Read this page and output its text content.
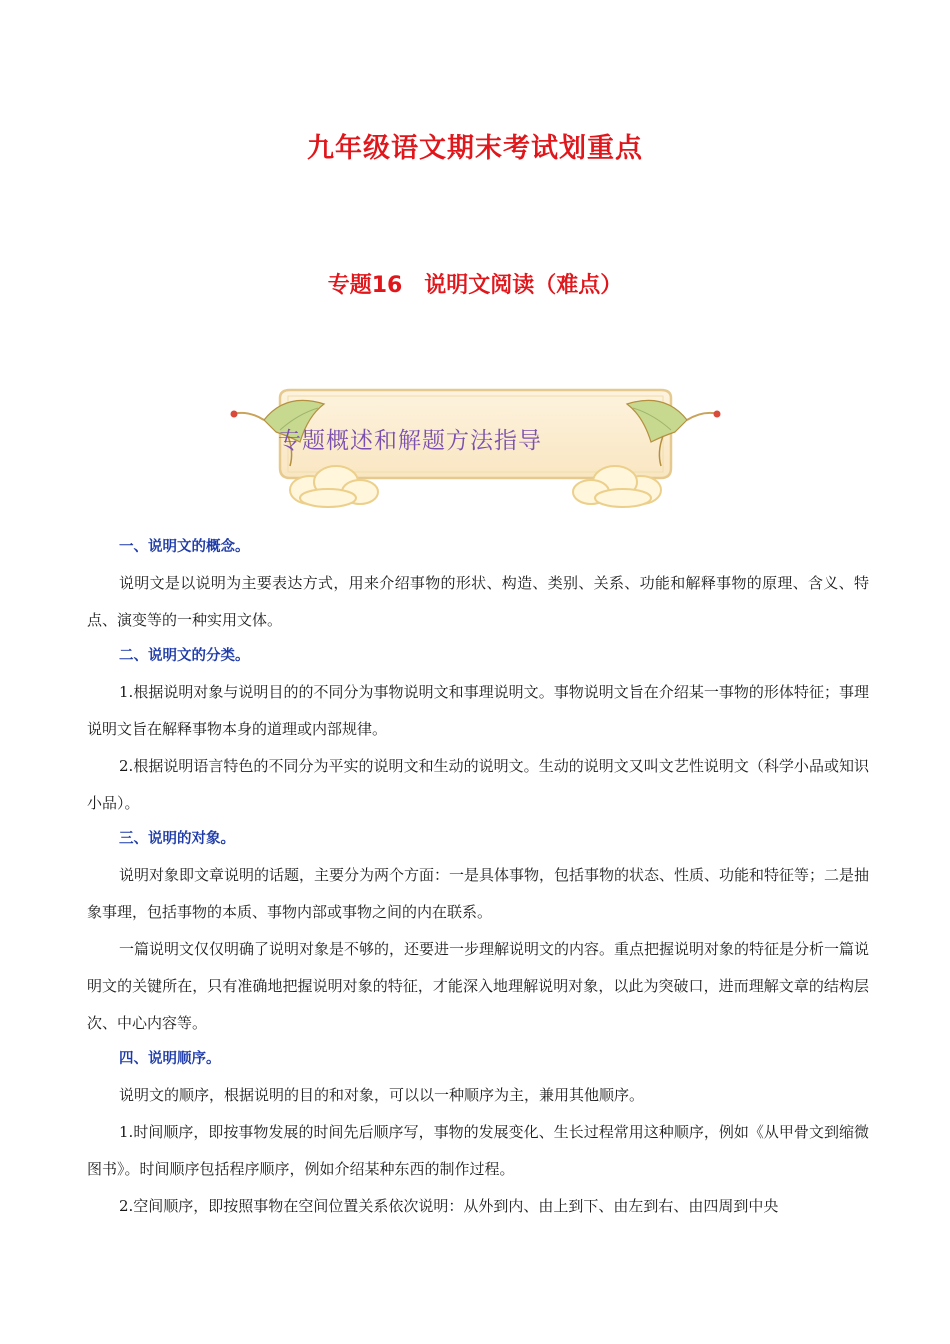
九年级语文期末考试划重点
专题16　说明文阅读（难点）
专题概述和解题方法指导

一、说明文的概念。

说明文是以说明为主要表达方式，用来介绍事物的形状、构造、类别、关系、功能和解释事物的原理、含义、特点、演变等的一种实用文体。

二、说明文的分类。

1.根据说明对象与说明目的的不同分为事物说明文和事理说明文。事物说明文旨在介绍某一事物的形体特征；事理说明文旨在解释事物本身的道理或内部规律。

2.根据说明语言特色的不同分为平实的说明文和生动的说明文。生动的说明文又叫文艺性说明文（科学小品或知识小品）。

三、说明的对象。

说明对象即文章说明的话题，主要分为两个方面：一是具体事物，包括事物的状态、性质、功能和特征等；二是抽象事理，包括事物的本质、事物内部或事物之间的内在联系。

一篇说明文仅仅明确了说明对象是不够的，还要进一步理解说明文的内容。重点把握说明对象的特征是分析一篇说明文的关键所在，只有准确地把握说明对象的特征，才能深入地理解说明对象，以此为突破口，进而理解文章的结构层次、中心内容等。

四、说明顺序。

说明文的顺序，根据说明的目的和对象，可以以一种顺序为主，兼用其他顺序。

1.时间顺序，即按事物发展的时间先后顺序写，事物的发展变化、生长过程常用这种顺序，例如《从甲骨文到缩微图书》。时间顺序包括程序顺序，例如介绍某种东西的制作过程。

2.空间顺序，即按照事物在空间位置关系依次说明：从外到内、由上到下、由左到右、由四周到中央
